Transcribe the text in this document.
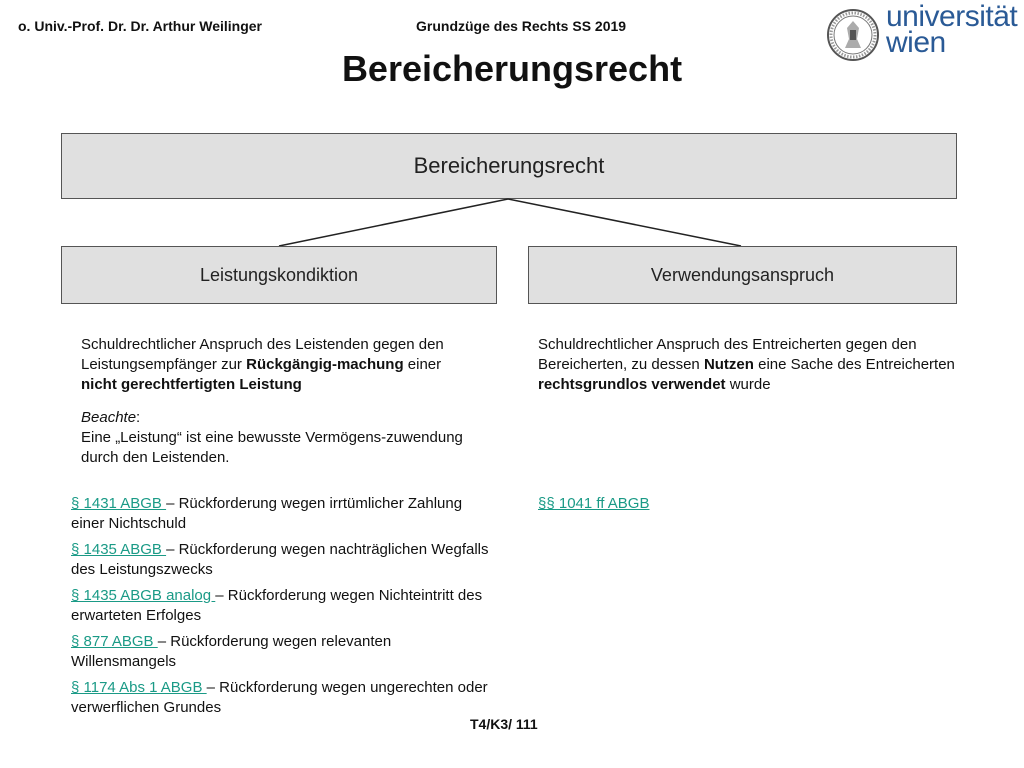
o. Univ.-Prof. Dr. Dr. Arthur Weilinger	Grundzüge des Rechts SS 2019	universität
wien
Bereicherungsrecht
Bereicherungsrecht
Leistungskondiktion	Verwendungsanspruch
Schuldrechtlicher Anspruch des Leistenden gegen den Leistungsempfänger zur Rückgängig-machung einer nicht gerechtfertigten Leistung

Beachte:

Eine „Leistung“ ist eine bewusste Vermögens-zuwendung durch den Leistenden.

Schuldrechtlicher Anspruch des Entreicherten gegen den Bereicherten, zu dessen Nutzen eine Sache des Entreicherten rechtsgrundlos verwendet wurde
§ 1431 ABGB – Rückforderung wegen irrtümlicher Zahlung einer Nichtschuld
§ 1435 ABGB – Rückforderung wegen nachträglichen Wegfalls des Leistungszwecks
§ 1435 ABGB analog – Rückforderung wegen Nichteintritt des erwarteten Erfolges
§ 877 ABGB – Rückforderung wegen relevanten Willensmangels
§ 1174 Abs 1 ABGB – Rückforderung wegen ungerechten oder verwerflichen Grundes
§§ 1041 ff ABGB
T4/K3/ 111
